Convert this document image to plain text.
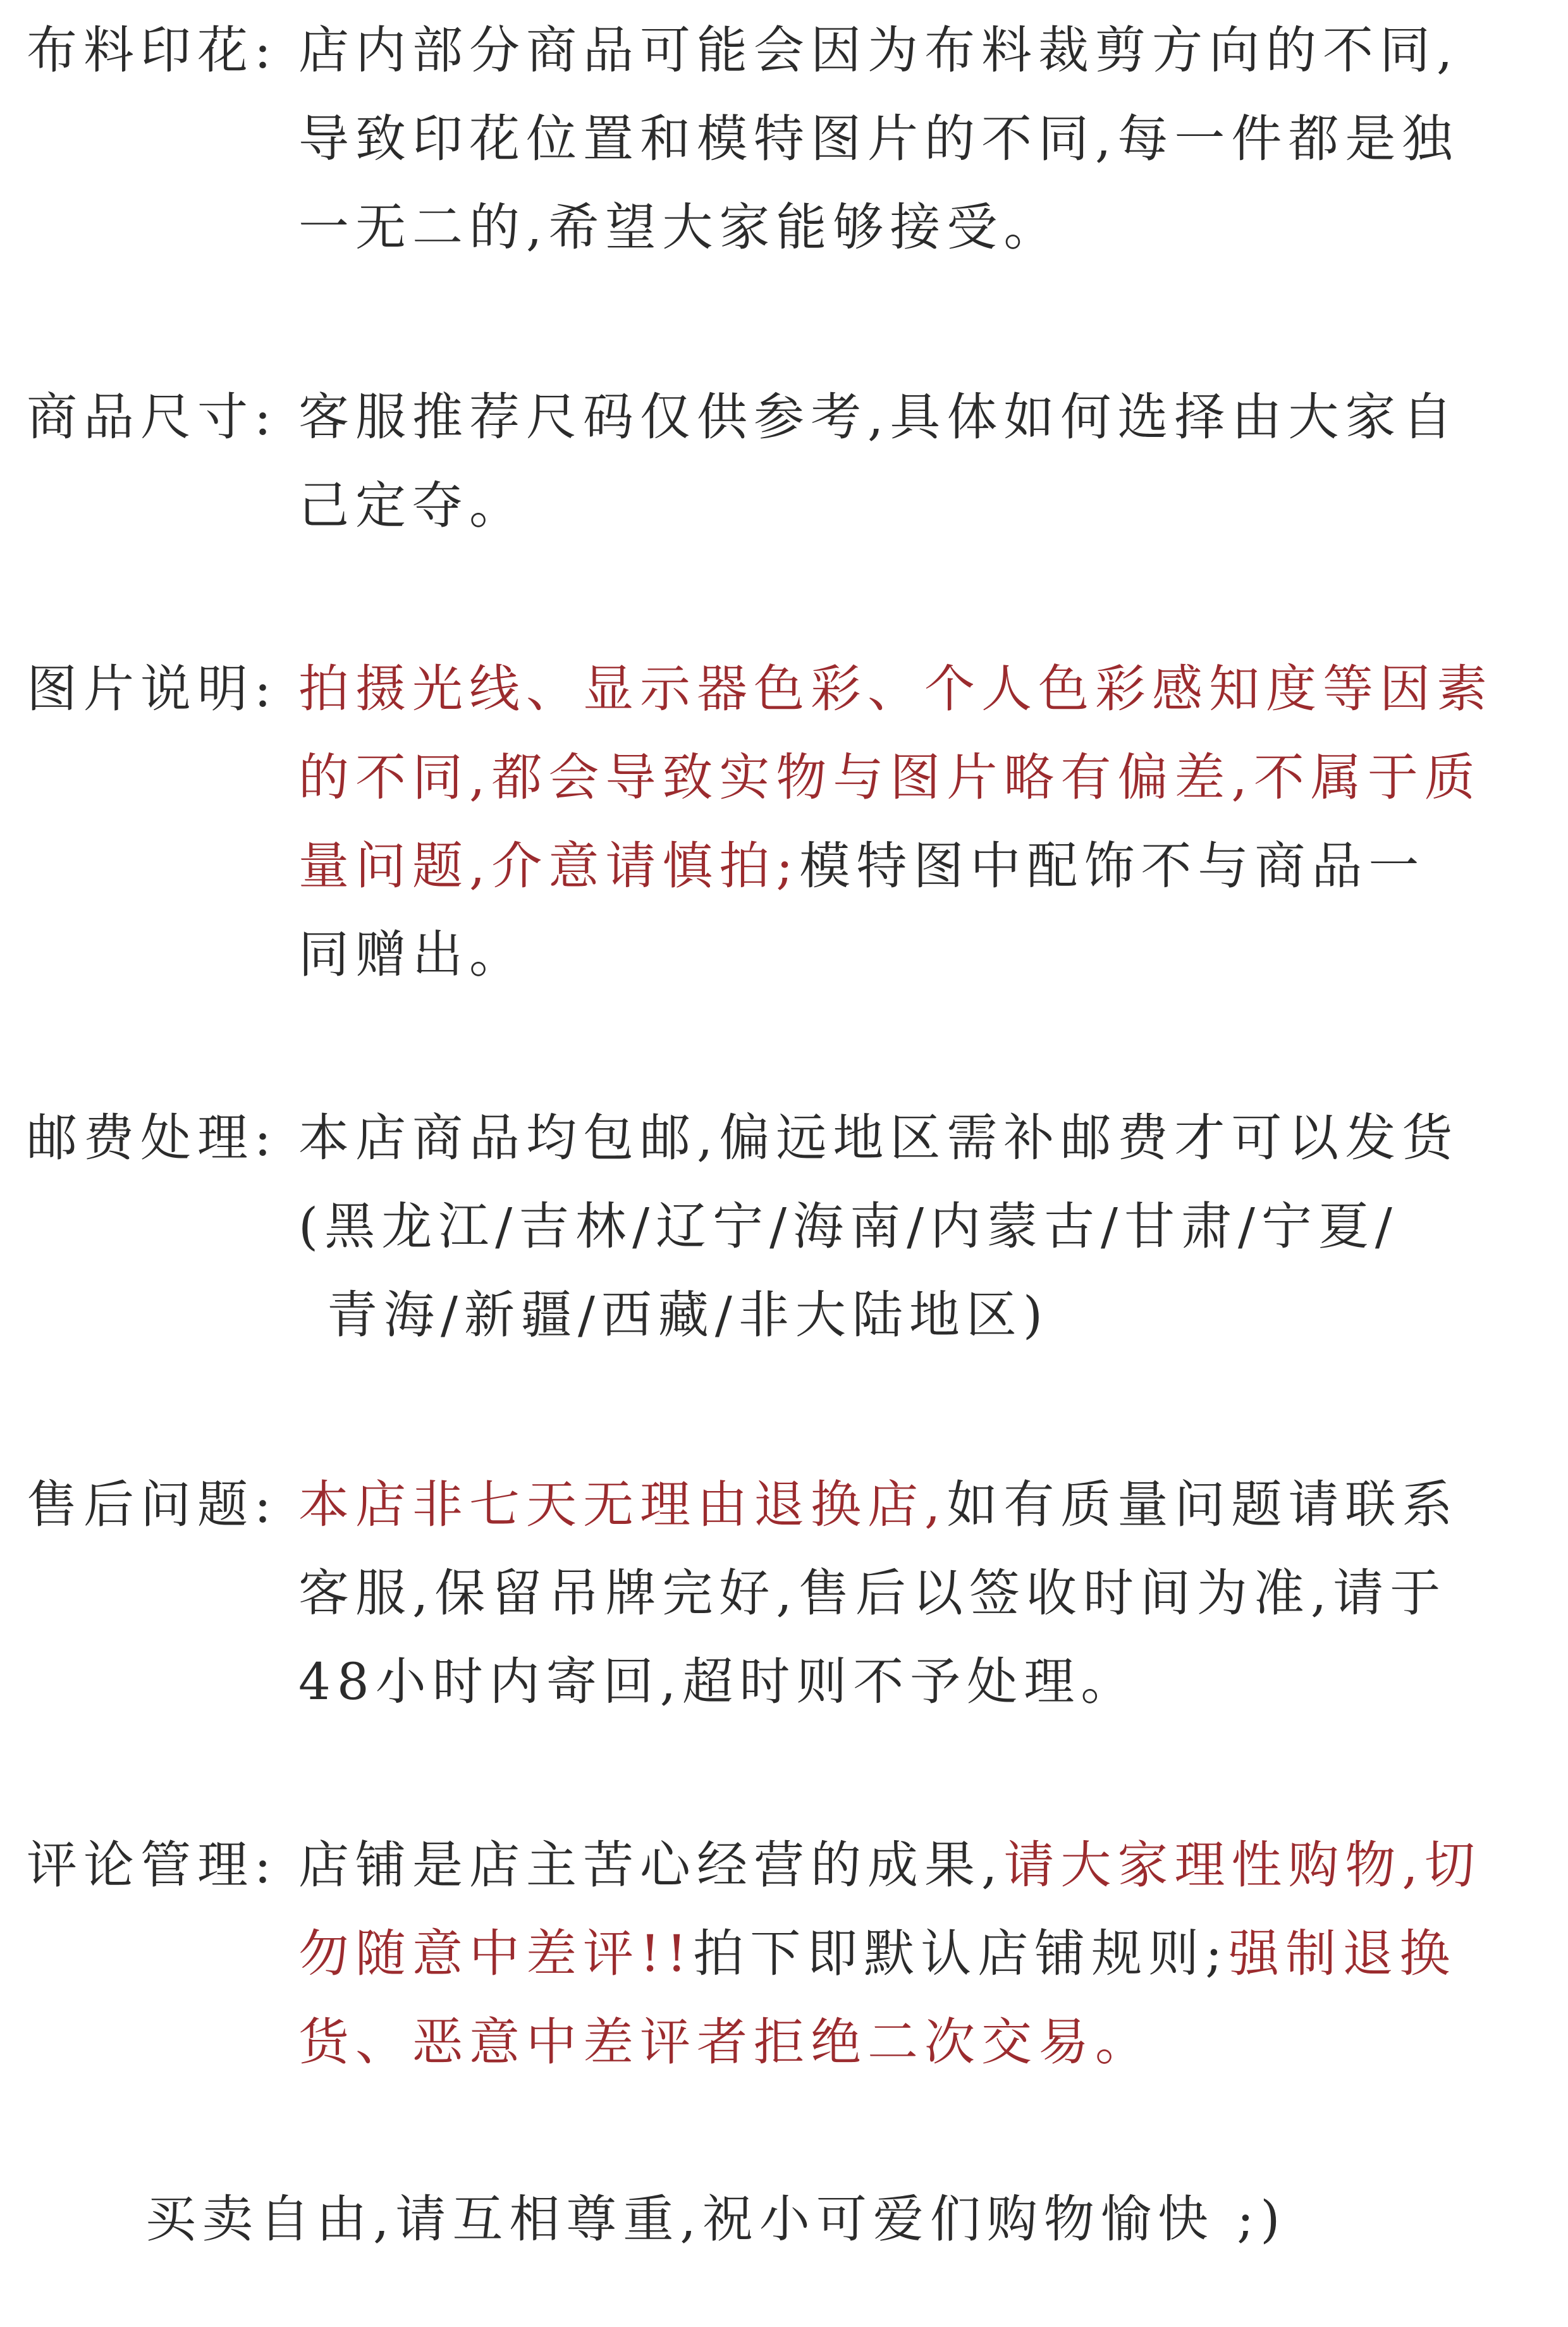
布料印花: 店内部分商品可能会因为布料裁剪方向的不同,
导致印花位置和模特图片的不同,每一件都是独
一无二的,希望大家能够接受。
商品尺寸: 客服推荐尺码仅供参考,具体如何选择由大家自
己定夺。
图片说明: 拍摄光线、显示器色彩、个人色彩感知度等因素
的不同,都会导致实物与图片略有偏差,不属于质
量问题,介意请慎拍;模特图中配饰不与商品一
同赠出。
邮费处理: 本店商品均包邮,偏远地区需补邮费才可以发货
(黑龙江/吉林/辽宁/海南/内蒙古/甘肃/宁夏/
青海/新疆/西藏/非大陆地区)
售后问题: 本店非七天无理由退换店,如有质量问题请联系
客服,保留吊牌完好,售后以签收时间为准,请于
48小时内寄回,超时则不予处理。
评论管理: 店铺是店主苦心经营的成果,请大家理性购物,切
勿随意中差评!!拍下即默认店铺规则;强制退换
货、恶意中差评者拒绝二次交易。
买卖自由,请互相尊重,祝小可爱们购物愉快 ;)
